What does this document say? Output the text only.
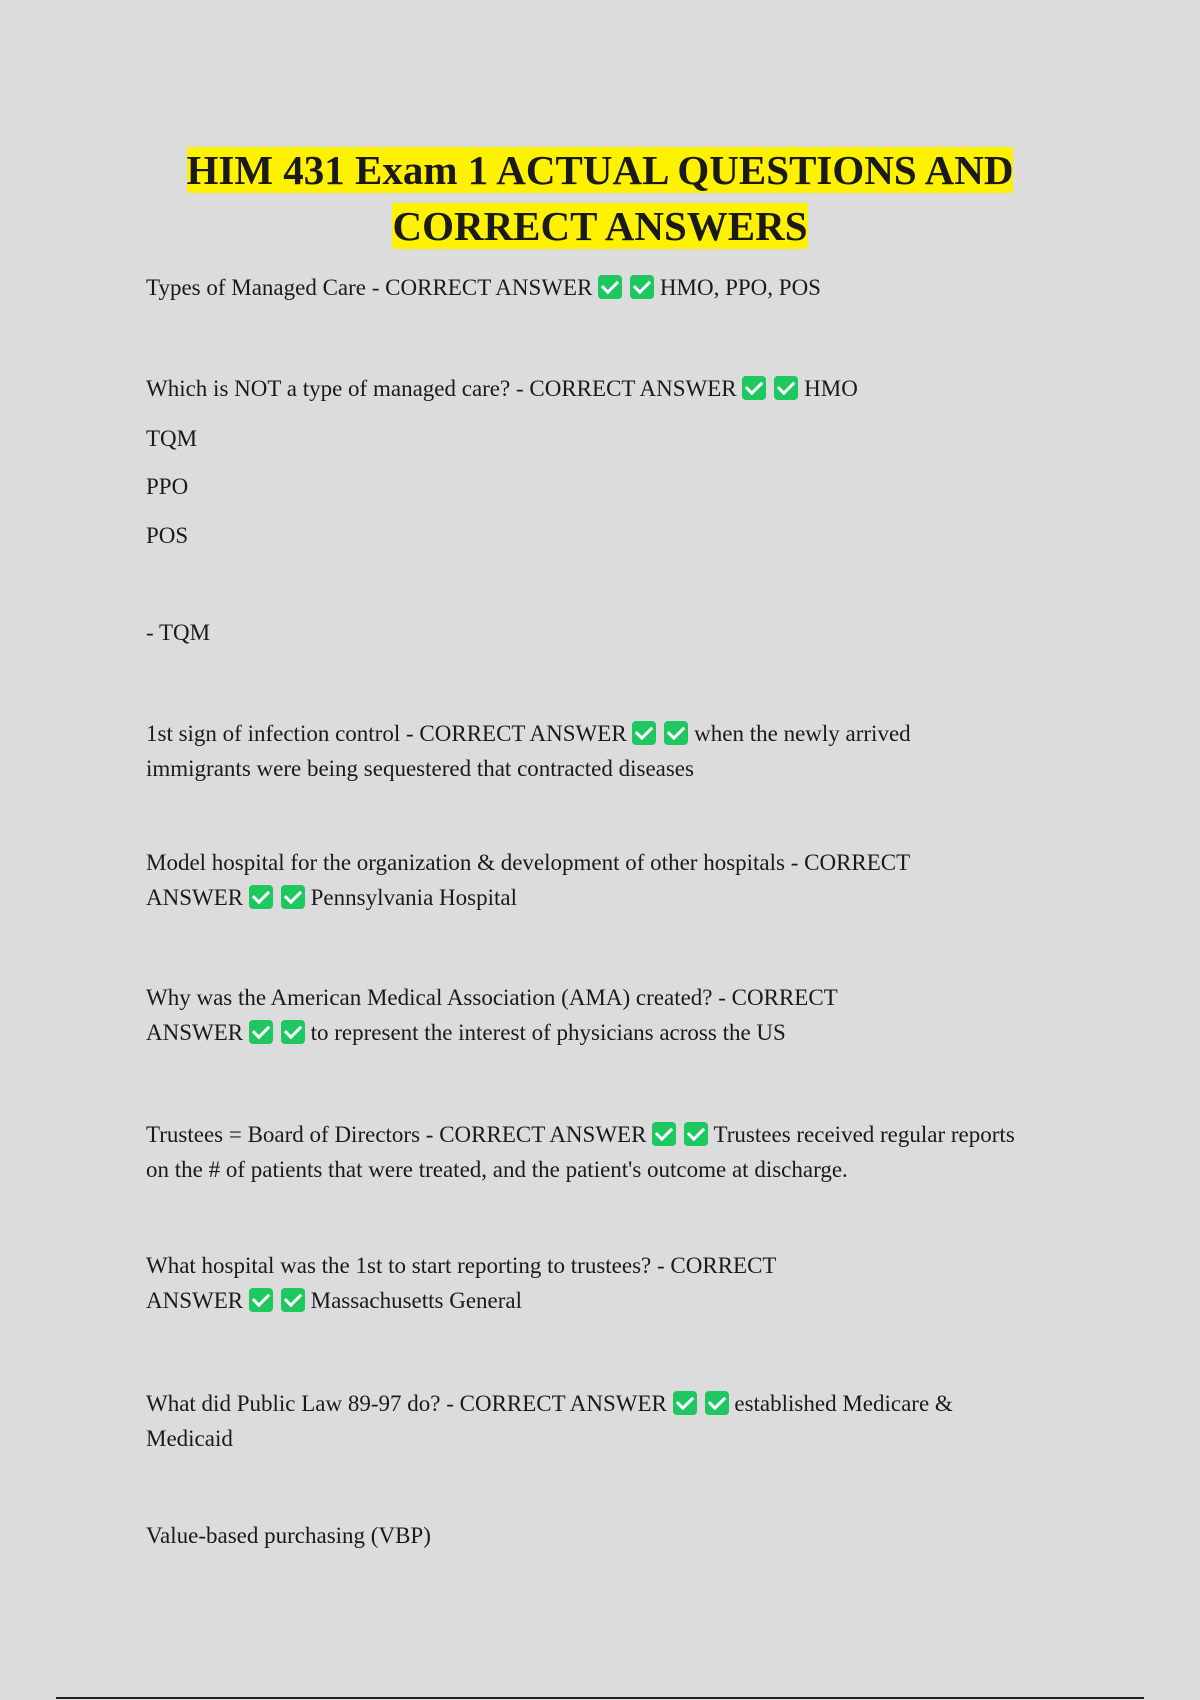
HIM 431 Exam 1 ACTUAL QUESTIONS AND
CORRECT ANSWERS
Types of Managed Care - CORRECT ANSWER	HMO, PPO, POS
Which is NOT a type of managed care? - CORRECT ANSWER	HMO
TQM
PPO
POS
- TQM
1st sign of infection control - CORRECT ANSWER	when the newly arrived
immigrants were being sequestered that contracted diseases
Model hospital for the organization & development of other hospitals - CORRECT
ANSWER	Pennsylvania Hospital
Why was the American Medical Association (AMA) created? - CORRECT
ANSWER	to represent the interest of physicians across the US
Trustees = Board of Directors - CORRECT ANSWER	Trustees received regular reports
on the # of patients that were treated, and the patient's outcome at discharge.
What hospital was the 1st to start reporting to trustees? - CORRECT
ANSWER	Massachusetts General
What did Public Law 89-97 do? - CORRECT ANSWER	established Medicare &
Medicaid
Value-based purchasing (VBP)
